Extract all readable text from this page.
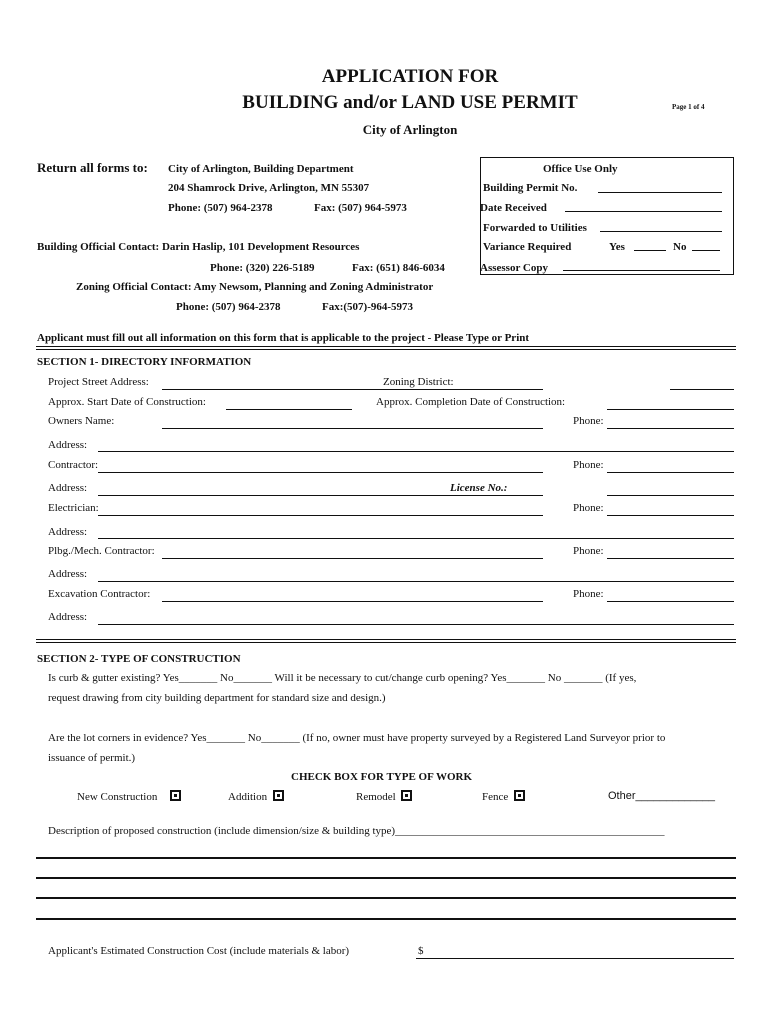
APPLICATION FOR
BUILDING and/or LAND USE PERMIT	Page 1 of 4
City of Arlington
Return all forms to: City of Arlington, Building Department
204 Shamrock Drive, Arlington, MN 55307
Phone: (507) 964-2378	Fax: (507) 964-5973
Office Use Only
Building Permit No.
Date Received
Forwarded to Utilities
Variance Required	Yes	No
Assessor Copy
Building Official Contact: Darin Haslip, 101 Development Resources
Phone: (320) 226-5189	Fax: (651) 846-6034
Zoning Official Contact: Amy Newsom, Planning and Zoning Administrator
Phone: (507) 964-2378	Fax:(507)-964-5973
Applicant must fill out all information on this form that is applicable to the project - Please Type or Print
SECTION 1- DIRECTORY INFORMATION
Project Street Address:	Zoning District:
Approx. Start Date of Construction:	Approx. Completion Date of Construction:
Owners Name:	Phone:
Address:
Contractor:	Phone:
Address:	License No.:
Electrician:	Phone:
Address:
Plbg./Mech. Contractor:	Phone:
Address:
Excavation Contractor:	Phone:
Address:
SECTION 2- TYPE OF CONSTRUCTION
Is curb & gutter existing? Yes_______ No_______ Will it be necessary to cut/change curb opening? Yes_______ No _______ (If yes,
request drawing from city building department for standard size and design.)
Are the lot corners in evidence? Yes_______ No_______ (If no, owner must have property surveyed by a Registered Land Surveyor prior to
issuance of permit.)
CHECK BOX FOR TYPE OF WORK
New Construction	Addition	Remodel	Fence	Other_____________
Description of proposed construction (include dimension/size & building type)_________________________________________________
Applicant's Estimated Construction Cost (include materials & labor)	$
